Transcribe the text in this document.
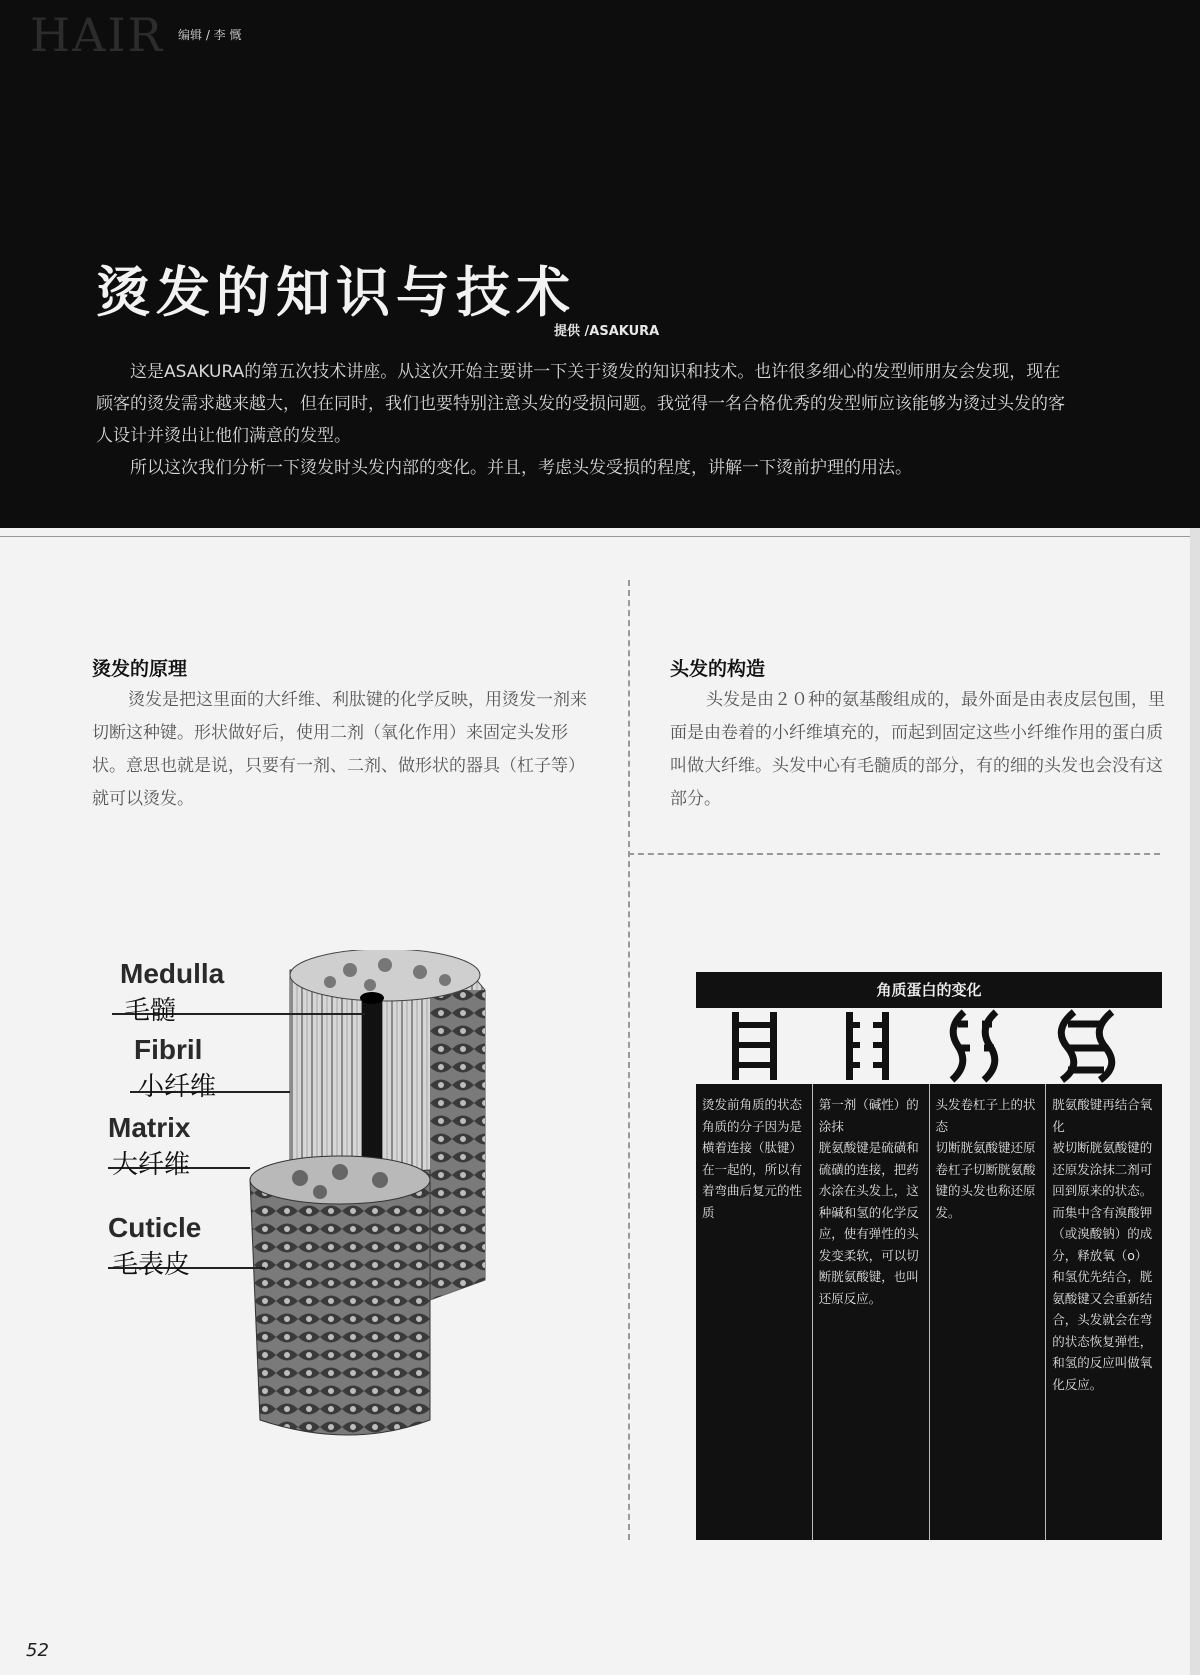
HAIR 编辑 / 李 慨
烫发的知识与技术
提供 /ASAKURA

这是ASAKURA的第五次技术讲座。从这次开始主要讲一下关于烫发的知识和技术。也许很多细心的发型师朋友会发现，现在顾客的烫发需求越来越大，但在同时，我们也要特别注意头发的受损问题。我觉得一名合格优秀的发型师应该能够为烫过头发的客人设计并烫出让他们满意的发型。

所以这次我们分析一下烫发时头发内部的变化。并且，考虑头发受损的程度，讲解一下烫前护理的用法。

烫发的原理

烫发是把这里面的大纤维、利肽键的化学反映，用烫发一剂来切断这种键。形状做好后，使用二剂（氧化作用）来固定头发形状。意思也就是说，只要有一剂、二剂、做形状的器具（杠子等）就可以烫发。

头发的构造

头发是由２０种的氨基酸组成的，最外面是由表皮层包围，里面是由卷着的小纤维填充的，而起到固定这些小纤维作用的蛋白质叫做大纤维。头发中心有毛髓质的部分，有的细的头发也会没有这部分。

Medulla
毛髓
Fibril
小纤维
Matrix
大纤维
Cuticle
毛表皮
角质蛋白的变化
烫发前角质的状态
角质的分子因为是横着连接（肽键）在一起的，所以有着弯曲后复元的性质
第一剂（碱性）的涂抹
胱氨酸键是硫磺和硫磺的连接，把药水涂在头发上，这种碱和氢的化学反应，使有弹性的头发变柔软，可以切断胱氨酸键，也叫还原反应。
头发卷杠子上的状态
切断胱氨酸键还原
卷杠子切断胱氨酸键的头发也称还原发。
胱氨酸键再结合氧化
被切断胱氨酸键的还原发涂抹二剂可回到原来的状态。而集中含有溴酸钾（或溴酸钠）的成分，释放氧（o）和氢优先结合，胱氨酸键又会重新结合，头发就会在弯的状态恢复弹性，和氢的反应叫做氧化反应。
52
